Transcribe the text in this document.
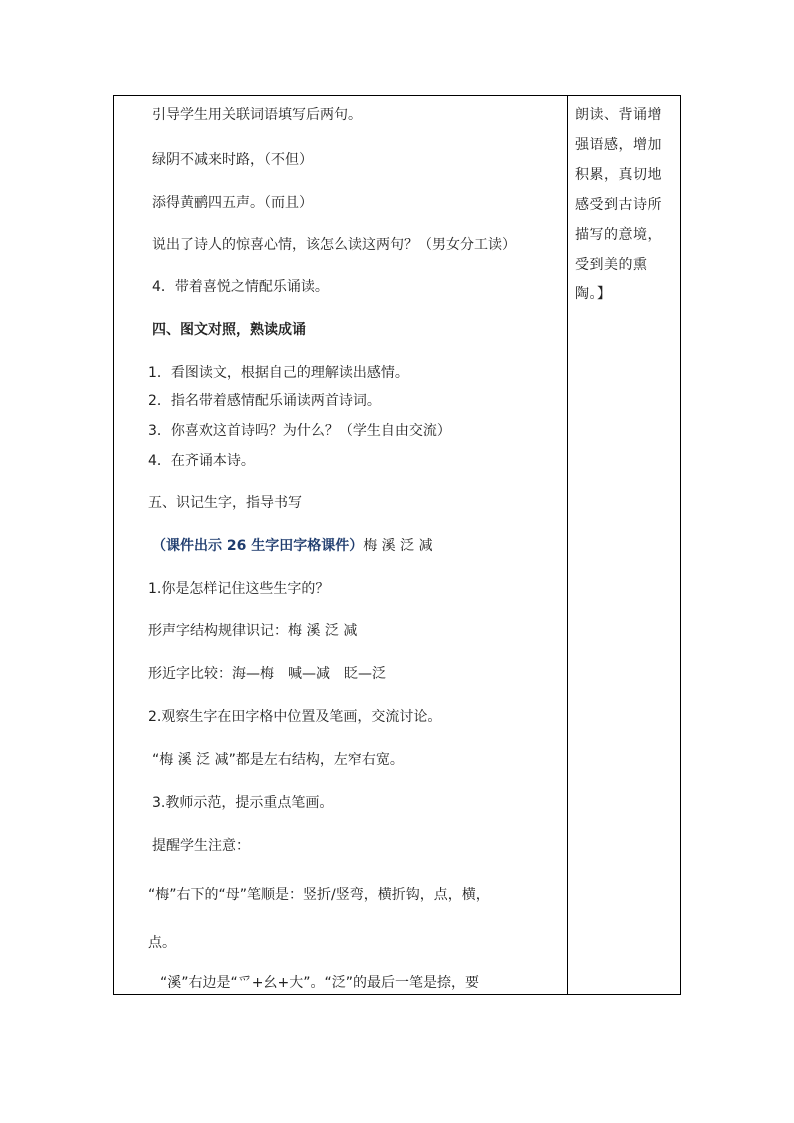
引导学生用关联词语填写后两句。
绿阴不减来时路，（不但）
添得黄鹂四五声。（而且）
说出了诗人的惊喜心情，该怎么读这两句？（男女分工读）
4．带着喜悦之情配乐诵读。
四、图文对照，熟读成诵
1．看图读文，根据自己的理解读出感情。
2．指名带着感情配乐诵读两首诗词。
3．你喜欢这首诗吗？为什么？（学生自由交流）
4．在齐诵本诗。
五、识记生字，指导书写
（课件出示 26 生字田字格课件）梅 溪 泛 减
1.你是怎样记住这些生字的？
形声字结构规律识记：梅 溪 泛 减
形近字比较：海—梅　喊—减　眨—泛
2.观察生字在田字格中位置及笔画，交流讨论。
“梅 溪 泛 减”都是左右结构，左窄右宽。
3.教师示范，提示重点笔画。
提醒学生注意：
“梅”右下的“母”笔顺是：竖折/竖弯，横折钩，点，横，
点。
“溪”右边是“爫+幺+大”。“泛”的最后一笔是捺，要
朗读、背诵增
强语感，增加
积累，真切地
感受到古诗所
描写的意境，
受到美的熏
陶。】
